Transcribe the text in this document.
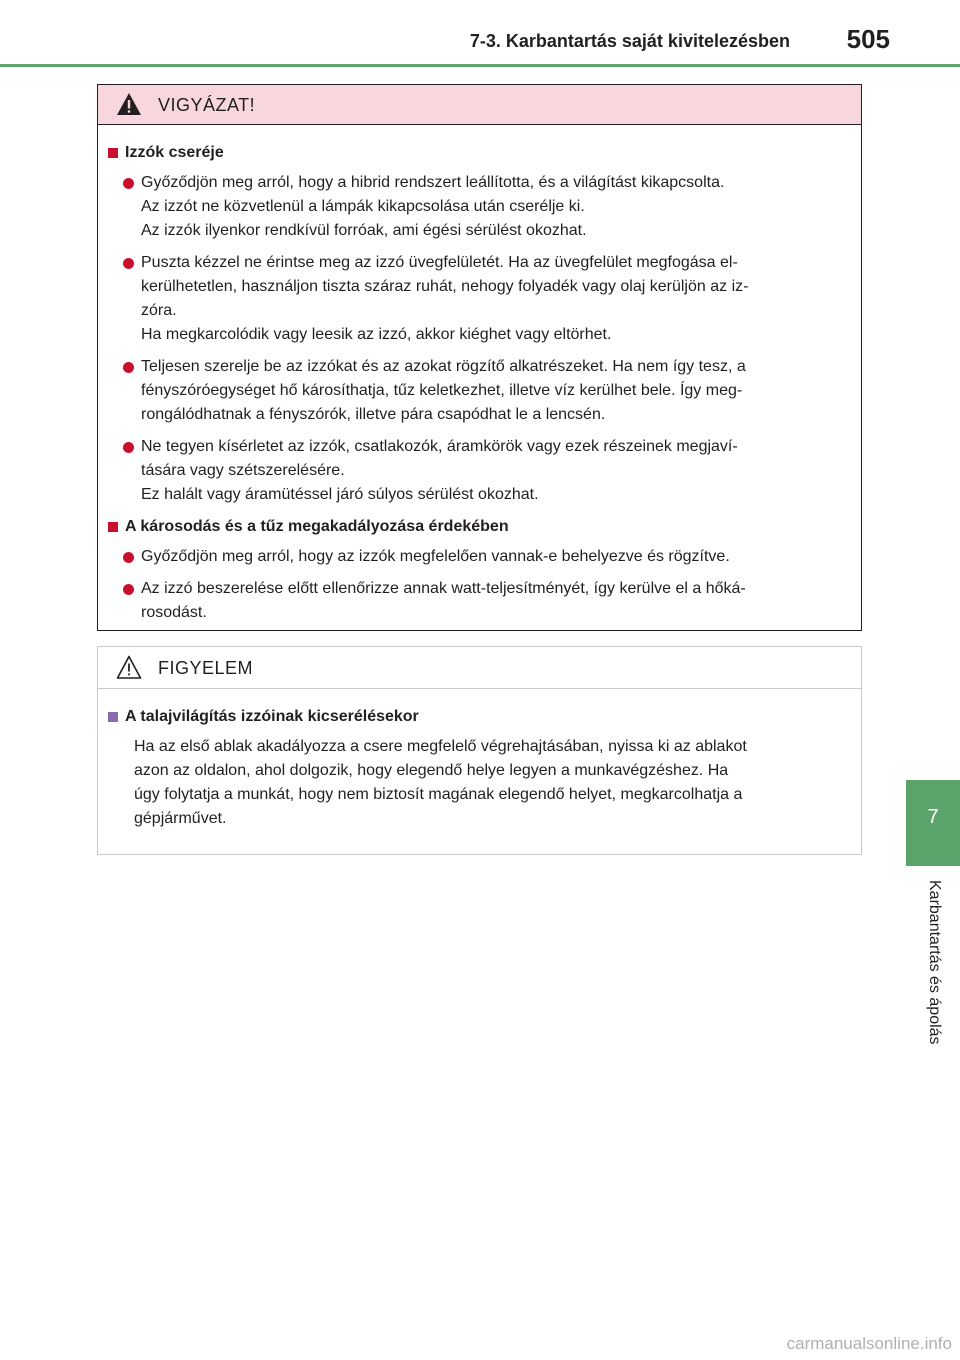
7-3. Karbantartás saját kivitelezésben 505
7
Karbantartás és ápolás
VIGYÁZAT!
Izzók cseréje
Győződjön meg arról, hogy a hibrid rendszert leállította, és a világítást kikapcsolta.
Az izzót ne közvetlenül a lámpák kikapcsolása után cserélje ki.
Az izzók ilyenkor rendkívül forróak, ami égési sérülést okozhat.
Puszta kézzel ne érintse meg az izzó üvegfelületét. Ha az üvegfelület megfogása el-
kerülhetetlen, használjon tiszta száraz ruhát, nehogy folyadék vagy olaj kerüljön az iz-
zóra.
Ha megkarcolódik vagy leesik az izzó, akkor kiéghet vagy eltörhet.
Teljesen szerelje be az izzókat és az azokat rögzítő alkatrészeket. Ha nem így tesz, a
fényszóróegységet hő károsíthatja, tűz keletkezhet, illetve víz kerülhet bele. Így meg-
rongálódhatnak a fényszórók, illetve pára csapódhat le a lencsén.
Ne tegyen kísérletet az izzók, csatlakozók, áramkörök vagy ezek részeinek megjaví-
tására vagy szétszerelésére.
Ez halált vagy áramütéssel járó súlyos sérülést okozhat.
A károsodás és a tűz megakadályozása érdekében
Győződjön meg arról, hogy az izzók megfelelően vannak-e behelyezve és rögzítve.
Az izzó beszerelése előtt ellenőrizze annak watt-teljesítményét, így kerülve el a hőká-
rosodást.
FIGYELEM
A talajvilágítás izzóinak kicserélésekor
Ha az első ablak akadályozza a csere megfelelő végrehajtásában, nyissa ki az ablakot
azon az oldalon, ahol dolgozik, hogy elegendő helye legyen a munkavégzéshez. Ha
úgy folytatja a munkát, hogy nem biztosít magának elegendő helyet, megkarcolhatja a
gépjárművet.
carmanualsonline.info
